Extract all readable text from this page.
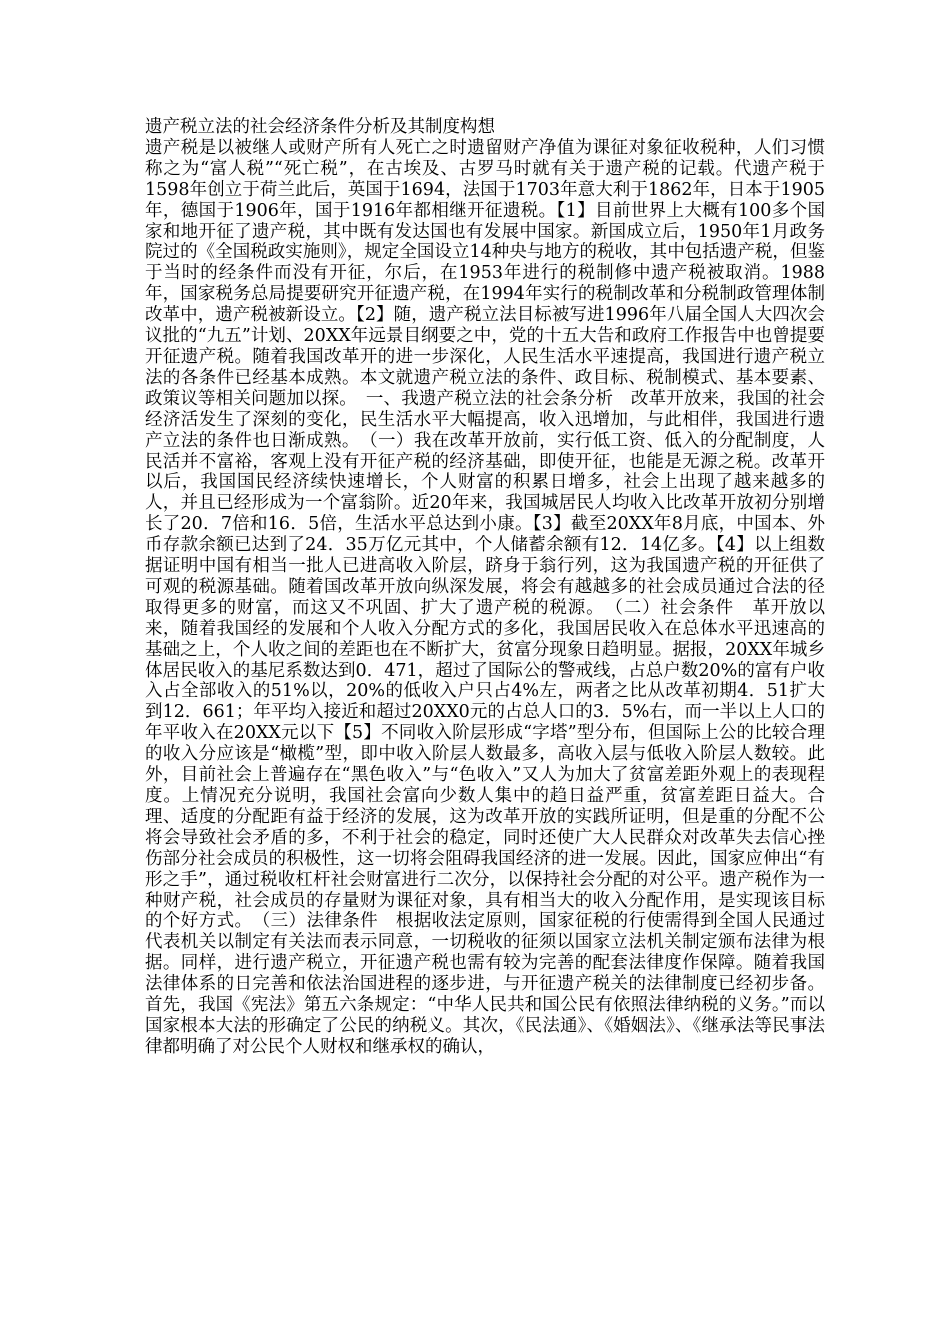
遗产税立法的社会经济条件分析及其制度构想

遗产税是以被继人或财产所有人死亡之时遗留财产净值为课征对象征收税种，人们习惯称之为“富人税”“死亡税”，在古埃及、古罗马时就有关于遗产税的记载。代遗产税于1598年创立于荷兰此后，英国于1694，法国于1703年意大利于1862年，日本于1905年，德国于1906年，国于1916年都相继开征遗税。【1】目前世界上大概有100多个国家和地开征了遗产税，其中既有发达国也有发展中国家。新国成立后，1950年1月政务院过的《全国税政实施则》，规定全国设立14种央与地方的税收，其中包括遗产税，但鉴于当时的经条件而没有开征，尔后，在1953年进行的税制修中遗产税被取消。1988年，国家税务总局提要研究开征遗产税，在1994年实行的税制改革和分税制政管理体制改革中，遗产税被新设立。【2】随，遗产税立法目标被写进1996年八届全国人大四次会议批的“九五”计划、20XX年远景目纲要之中，党的十五大告和政府工作报告中也曾提要开征遗产税。随着我国改革开的进一步深化，人民生活水平速提高，我国进行遗产税立法的各条件已经基本成熟。本文就遗产税立法的条件、政目标、税制模式、基本要素、政策议等相关问题加以探。　一、我遗产税立法的社会条分析　改革开放来，我国的社会经济活发生了深刻的变化，民生活水平大幅提高，收入迅增加，与此相伴，我国进行遗产立法的条件也日渐成熟。　（一）我在改革开放前，实行低工资、低入的分配制度，人民活并不富裕，客观上没有开征产税的经济基础，即使开征，也能是无源之税。改革开以后，我国国民经济续快速增长，个人财富的积累日增多，社会上出现了越来越多的人，并且已经形成为一个富翁阶。近20年来，我国城居民人均收入比改革开放初分别增长了20．7倍和16．5倍，生活水平总达到小康。【3】截至20XX年8月底，中国本、外币存款余额已达到了24．35万亿元其中，个人储蓄余额有12．14亿多。【4】以上组数据证明中国有相当一批人已进高收入阶层，跻身于翁行列，这为我国遗产税的开征供了可观的税源基础。随着国改革开放向纵深发展，将会有越越多的社会成员通过合法的径取得更多的财富，而这又不巩固、扩大了遗产税的税源。　（二）社会条件　革开放以来，随着我国经的发展和个人收入分配方式的多化，我国居民收入在总体水平迅速高的基础之上，个人收之间的差距也在不断扩大，贫富分现象日趋明显。据报，20XX年城乡体居民收入的基尼系数达到0．471，超过了国际公的警戒线，占总户数20%的富有户收入占全部收入的51%以，20%的低收入户只占4%左，两者之比从改革初期4．51扩大到12．661；年平均入接近和超过20XX0元的占总人口的3．5%右，而一半以上人口的年平收入在20XX元以下【5】不同收入阶层形成“字塔”型分布，但国际上公的比较合理的收入分应该是“橄榄”型，即中收入阶层人数最多，高收入层与低收入阶层人数较。此外，目前社会上普遍存在“黑色收入”与“色收入”又人为加大了贫富差距外观上的表现程度。上情况充分说明，我国社会富向少数人集中的趋日益严重，贫富差距日益大。合理、适度的分配距有益于经济的发展，这为改革开放的实践所证明，但是重的分配不公将会导致社会矛盾的多，不利于社会的稳定，同时还使广大人民群众对改革失去信心挫伤部分社会成员的积极性，这一切将会阻碍我国经济的进一发展。因此，国家应伸出“有形之手”，通过税收杠杆社会财富进行二次分，以保持社会分配的对公平。遗产税作为一种财产税，社会成员的存量财为课征对象，具有相当大的收入分配作用，是实现该目标的个好方式。　（三）法律条件　根据收法定原则，国家征税的行使需得到全国人民通过代表机关以制定有关法而表示同意，一切税收的征须以国家立法机关制定颁布法律为根据。同样，进行遗产税立，开征遗产税也需有较为完善的配套法律度作保障。随着我国法律体系的日完善和依法治国进程的逐步进，与开征遗产税关的法律制度已经初步备。首先，我国《宪法》第五六条规定：“中华人民共和国公民有依照法律纳税的义务。”而以国家根本大法的形确定了公民的纳税义。其次，《民法通》、《婚姻法》、《继承法等民事法律都明确了对公民个人财权和继承权的确认，
